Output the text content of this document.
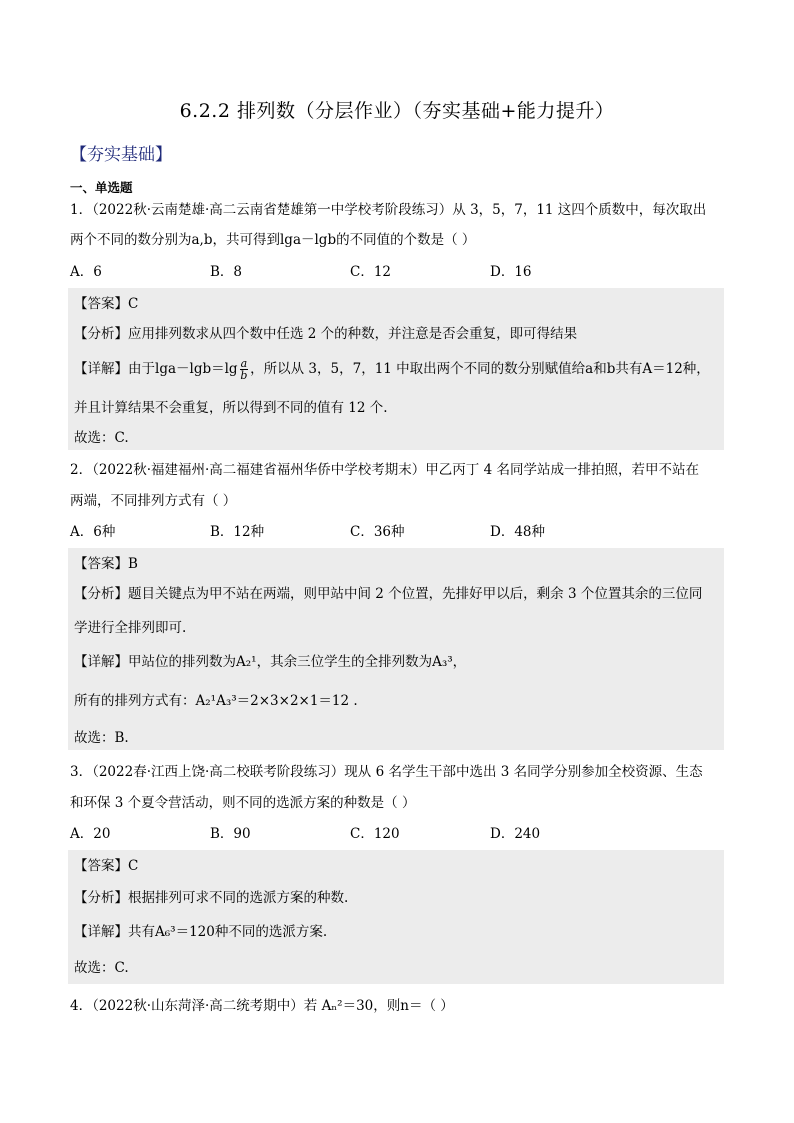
6.2.2 排列数（分层作业）（夯实基础+能力提升）
【夯实基础】
一、单选题
1．（2022秋·云南楚雄·高二云南省楚雄第一中学校考阶段练习）从 3，5，7，11 这四个质数中，每次取出
两个不同的数分别为a,b，共可得到lga－lgb的不同值的个数是（ ）
A．6	B．8	C．12	D．16
【答案】C
【分析】应用排列数求从四个数中任选 2 个的种数，并注意是否会重复，即可得结果
【详解】由于$\lg a-\lg b=\lg \frac{a}{b}$ ，所以从 3，5，7，11 中取出两个不同的数分别赋值给a和b共有A＝12种，
并且计算结果不会重复，所以得到不同的值有 12 个.
故选：C.
2．（2022秋·福建福州·高二福建省福州华侨中学校考期末）甲乙丙丁 4 名同学站成一排拍照，若甲不站在
两端，不同排列方式有（ ）
A．6种	B．12种	C．36种	D．48种
【答案】B
【分析】题目关键点为甲不站在两端，则甲站中间 2 个位置，先排好甲以后，剩余 3 个位置其余的三位同
学进行全排列即可.
【详解】甲站位的排列数为A₂¹，其余三位学生的全排列数为A₃³，
所有的排列方式有：A₂¹A₃³＝2×3×2×1＝12 .
故选：B.
3．（2022春·江西上饶·高二校联考阶段练习）现从 6 名学生干部中选出 3 名同学分别参加全校资源、生态
和环保 3 个夏令营活动，则不同的选派方案的种数是（ ）
A．20	B．90	C．120	D．240
【答案】C
【分析】根据排列可求不同的选派方案的种数.
【详解】共有A₆³＝120种不同的选派方案.
故选：C.
4．（2022秋·山东菏泽·高二统考期中）若 Aₙ²＝30，则n＝（ ）
